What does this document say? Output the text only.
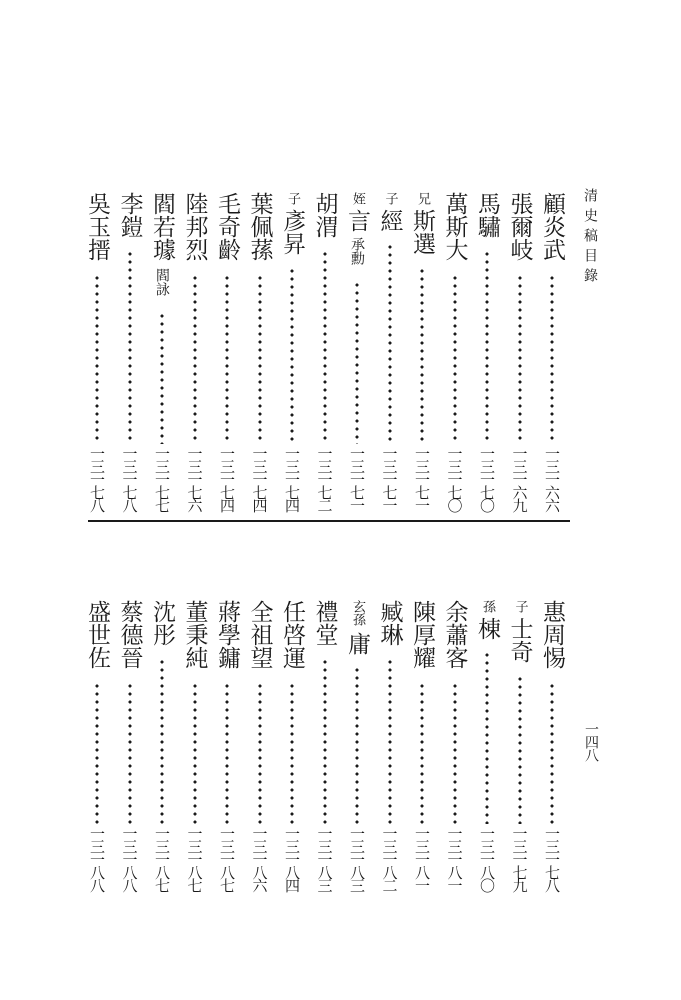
清史稿目錄
一四八
顧炎武
一三一六六
張爾岐
一三一六九
馬驌
一三一七〇
萬斯大
一三一七〇
兄
斯選
一三一七一
子
經
一三一七一
姪
言
承勳
一三一七一
胡渭
一三一七二
子
彥昇
一三一七四
葉佩蓀
一三一七四
毛奇齡
一三一七四
陸邦烈
一三一七六
閻若璩
閻詠
一三一七七
李鎧
一三一七八
吳玉搢
一三一七八
惠周惕
一三一七八
子
士奇
一三一七九
孫
棟
一三一八〇
余蕭客
一三一八一
陳厚耀
一三一八一
臧琳
一三一八二
玄孫
庸
一三一八三
禮堂
一三一八三
任啓運
一三一八四
全祖望
一三一八六
蔣學鏞
一三一八七
董秉純
一三一八七
沈彤
一三一八七
蔡德晉
一三一八八
盛世佐
一三一八八
